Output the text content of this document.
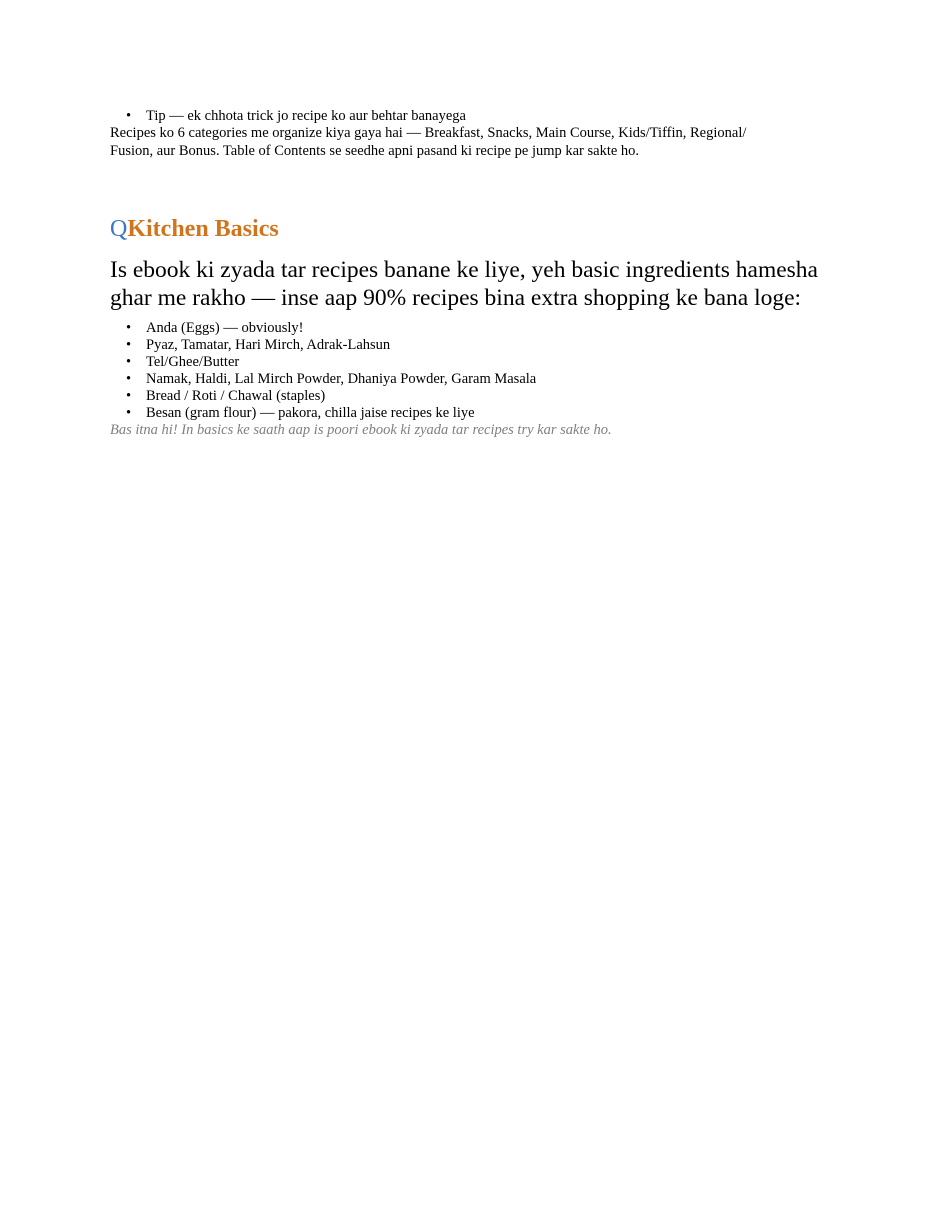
• Tip — ek chhota trick jo recipe ko aur behtar banayega

Recipes ko 6 categories me organize kiya gaya hai — Breakfast, Snacks, Main Course, Kids/Tiffin, Regional/ Fusion, aur Bonus. Table of Contents se seedhe apni pasand ki recipe pe jump kar sakte ho.

QKitchen Basics

Is ebook ki zyada tar recipes banane ke liye, yeh basic ingredients hamesha ghar me rakho — inse aap 90% recipes bina extra shopping ke bana loge:

• Anda (Eggs) — obviously!
• Pyaz, Tamatar, Hari Mirch, Adrak-Lahsun
• Tel/Ghee/Butter
• Namak, Haldi, Lal Mirch Powder, Dhaniya Powder, Garam Masala
• Bread / Roti / Chawal (staples)
• Besan (gram flour) — pakora, chilla jaise recipes ke liye

Bas itna hi! In basics ke saath aap is poori ebook ki zyada tar recipes try kar sakte ho.
